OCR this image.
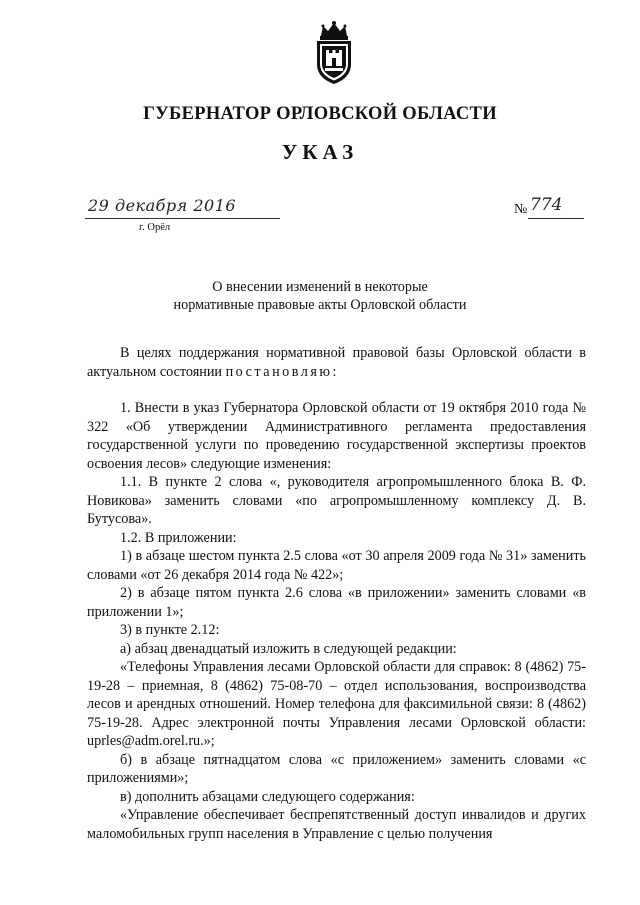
ГУБЕРНАТОР ОРЛОВСКОЙ ОБЛАСТИ
УКАЗ
29 декабря 2016
г. Орёл
№ 774
О внесении изменений в некоторые
нормативные правовые акты Орловской области

В целях поддержания нормативной правовой базы Орловской области в актуальном состоянии постановляю:

1. Внести в указ Губернатора Орловской области от 19 октября 2010 года № 322 «Об утверждении Административного регламента предоставления государственной услуги по проведению государственной экспертизы проектов освоения лесов» следующие изменения:

1.1. В пункте 2 слова «, руководителя агропромышленного блока В. Ф. Новикова» заменить словами «по агропромышленному комплексу Д. В. Бутусова».

1.2. В приложении:

1) в абзаце шестом пункта 2.5 слова «от 30 апреля 2009 года № 31» заменить словами «от 26 декабря 2014 года № 422»;

2) в абзаце пятом пункта 2.6 слова «в приложении» заменить словами «в приложении 1»;

3) в пункте 2.12:

а) абзац двенадцатый изложить в следующей редакции:

«Телефоны Управления лесами Орловской области для справок: 8 (4862) 75-19-28 – приемная, 8 (4862) 75-08-70 – отдел использования, воспроизводства лесов и арендных отношений. Номер телефона для факсимильной связи: 8 (4862) 75-19-28. Адрес электронной почты Управления лесами Орловской области: uprles@adm.orel.ru.»;

б) в абзаце пятнадцатом слова «с приложением» заменить словами «с приложениями»;

в) дополнить абзацами следующего содержания:

«Управление обеспечивает беспрепятственный доступ инвалидов и других маломобильных групп населения в Управление с целью получения
